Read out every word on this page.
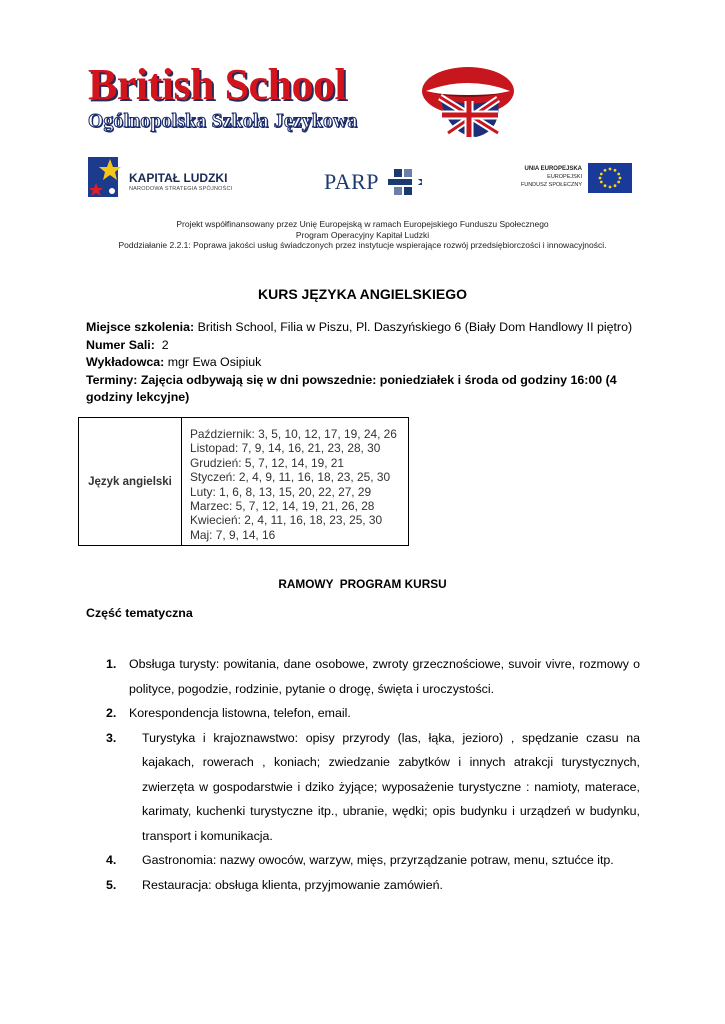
British School
Ogólnopolska Szkoła Językowa
KAPITAŁ LUDZKI
NARODOWA STRATEGIA SPÓJNOŚCI	PARP	UNIA EUROPEJSKA
EUROPEJSKI
FUNDUSZ SPOŁECZNY
Projekt współfinansowany przez Unię Europejską w ramach Europejskiego Funduszu Społecznego
Program Operacyjny Kapitał Ludzki
Poddziałanie 2.2.1: Poprawa jakości usług świadczonych przez instytucje wspierające rozwój przedsiębiorczości i innowacyjności.
KURS JĘZYKA ANGIELSKIEGO

Miejsce szkolenia: British School, Filia w Piszu, Pl. Daszyńskiego 6 (Biały Dom Handlowy II piętro)

Numer Sali:  2

Wykładowca: mgr Ewa Osipiuk

Terminy: Zajęcia odbywają się w dni powszednie: poniedziałek i środa od godziny 16:00 (4 godziny lekcyjne)

Język angielski
Październik: 3, 5, 10, 12, 17, 19, 24, 26
Listopad: 7, 9, 14, 16, 21, 23, 28, 30
Grudzień: 5, 7, 12, 14, 19, 21
Styczeń: 2, 4, 9, 11, 16, 18, 23, 25, 30
Luty: 1, 6, 8, 13, 15, 20, 22, 27, 29
Marzec: 5, 7, 12, 14, 19, 21, 26, 28
Kwiecień: 2, 4, 11, 16, 18, 23, 25, 30
Maj: 7, 9, 14, 16
RAMOWY  PROGRAM KURSU
Część tematyczna
1. Obsługa turysty: powitania, dane osobowe, zwroty grzecznościowe, suvoir vivre, rozmowy o polityce, pogodzie, rodzinie, pytanie o drogę, święta i uroczystości.
2. Korespondencja listowna, telefon, email.
3. Turystyka i krajoznawstwo: opisy przyrody (las, łąka, jezioro) , spędzanie czasu na kajakach, rowerach , koniach; zwiedzanie zabytków i innych atrakcji turystycznych, zwierzęta w gospodarstwie i dziko żyjące; wyposażenie turystyczne : namioty, materace, karimaty, kuchenki turystyczne itp., ubranie, wędki; opis budynku i urządzeń w budynku, transport i komunikacja.
4. Gastronomia: nazwy owoców, warzyw, mięs, przyrządzanie potraw, menu, sztućce itp.
5. Restauracja: obsługa klienta, przyjmowanie zamówień.
